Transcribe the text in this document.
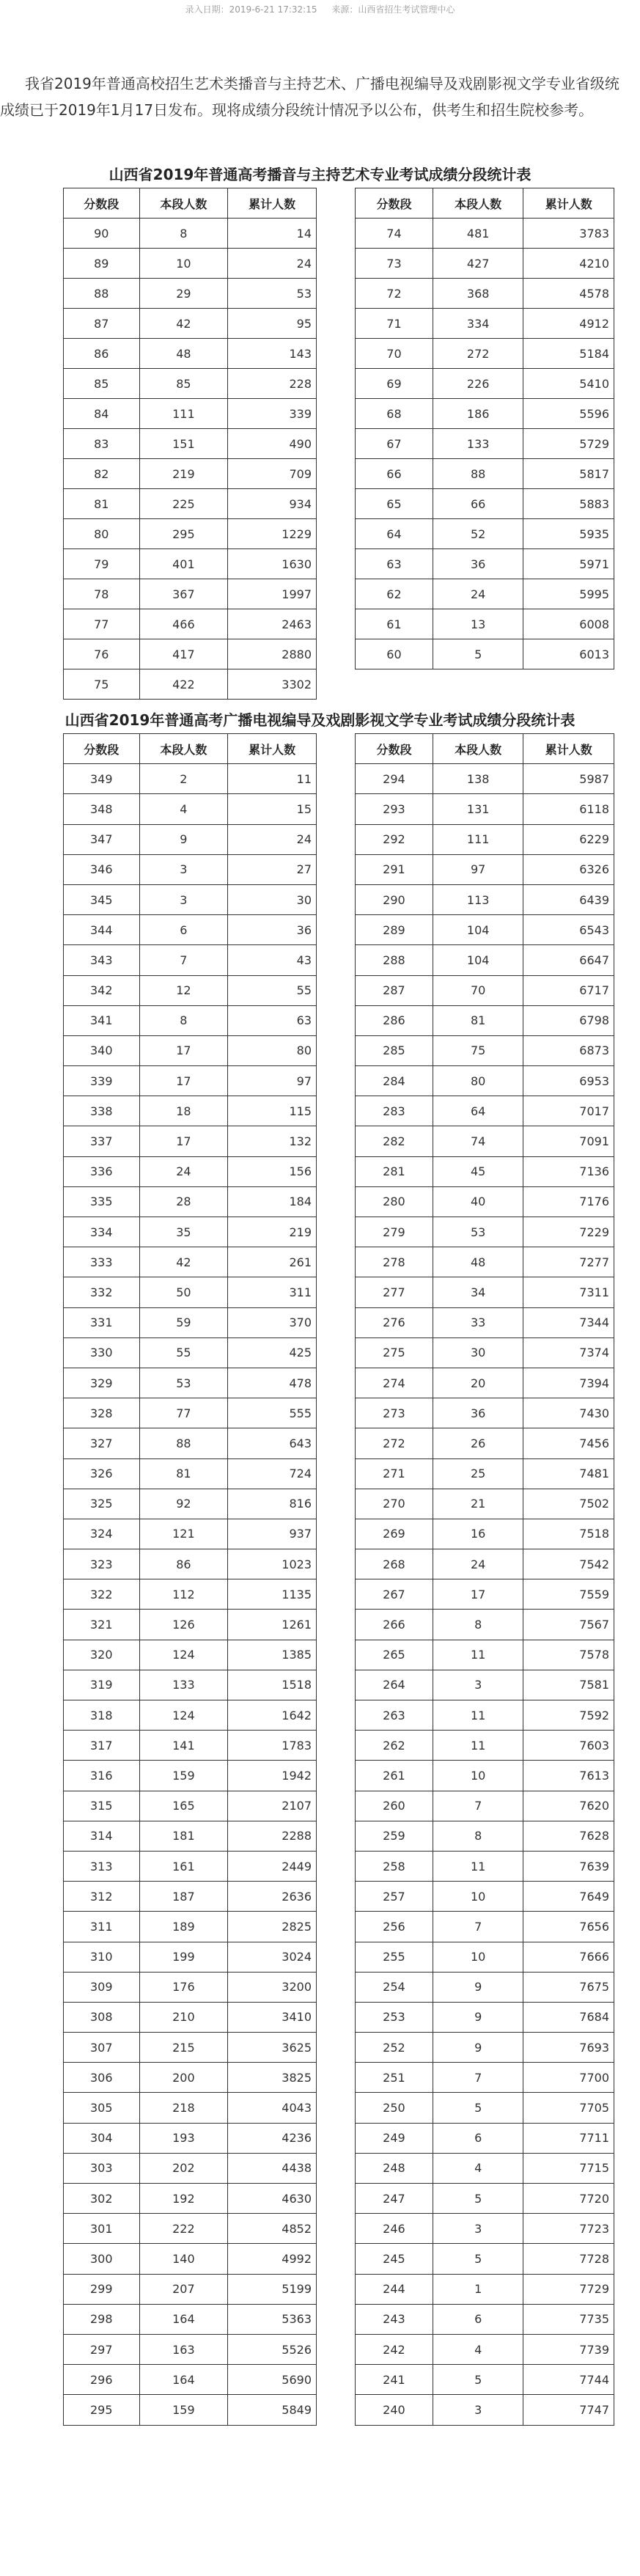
录入日期：2019-6-21 17:32:15 来源：山西省招生考试管理中心

我省2019年普通高校招生艺术类播音与主持艺术、广播电视编导及戏剧影视文学专业省级统

成绩已于2019年1月17日发布。现将成绩分段统计情况予以公布，供考生和招生院校参考。

山西省2019年普通高考播音与主持艺术专业考试成绩分段统计表
分数段	本段人数	累计人数
90	8	14
89	10	24
88	29	53
87	42	95
86	48	143
85	85	228
84	111	339
83	151	490
82	219	709
81	225	934
80	295	1229
79	401	1630
78	367	1997
77	466	2463
76	417	2880
75	422	3302
分数段	本段人数	累计人数
74	481	3783
73	427	4210
72	368	4578
71	334	4912
70	272	5184
69	226	5410
68	186	5596
67	133	5729
66	88	5817
65	66	5883
64	52	5935
63	36	5971
62	24	5995
61	13	6008
60	5	6013
山西省2019年普通高考广播电视编导及戏剧影视文学专业考试成绩分段统计表
分数段	本段人数	累计人数
349	2	11
348	4	15
347	9	24
346	3	27
345	3	30
344	6	36
343	7	43
342	12	55
341	8	63
340	17	80
339	17	97
338	18	115
337	17	132
336	24	156
335	28	184
334	35	219
333	42	261
332	50	311
331	59	370
330	55	425
329	53	478
328	77	555
327	88	643
326	81	724
325	92	816
324	121	937
323	86	1023
322	112	1135
321	126	1261
320	124	1385
319	133	1518
318	124	1642
317	141	1783
316	159	1942
315	165	2107
314	181	2288
313	161	2449
312	187	2636
311	189	2825
310	199	3024
309	176	3200
308	210	3410
307	215	3625
306	200	3825
305	218	4043
304	193	4236
303	202	4438
302	192	4630
301	222	4852
300	140	4992
299	207	5199
298	164	5363
297	163	5526
296	164	5690
295	159	5849
分数段	本段人数	累计人数
294	138	5987
293	131	6118
292	111	6229
291	97	6326
290	113	6439
289	104	6543
288	104	6647
287	70	6717
286	81	6798
285	75	6873
284	80	6953
283	64	7017
282	74	7091
281	45	7136
280	40	7176
279	53	7229
278	48	7277
277	34	7311
276	33	7344
275	30	7374
274	20	7394
273	36	7430
272	26	7456
271	25	7481
270	21	7502
269	16	7518
268	24	7542
267	17	7559
266	8	7567
265	11	7578
264	3	7581
263	11	7592
262	11	7603
261	10	7613
260	7	7620
259	8	7628
258	11	7639
257	10	7649
256	7	7656
255	10	7666
254	9	7675
253	9	7684
252	9	7693
251	7	7700
250	5	7705
249	6	7711
248	4	7715
247	5	7720
246	3	7723
245	5	7728
244	1	7729
243	6	7735
242	4	7739
241	5	7744
240	3	7747
